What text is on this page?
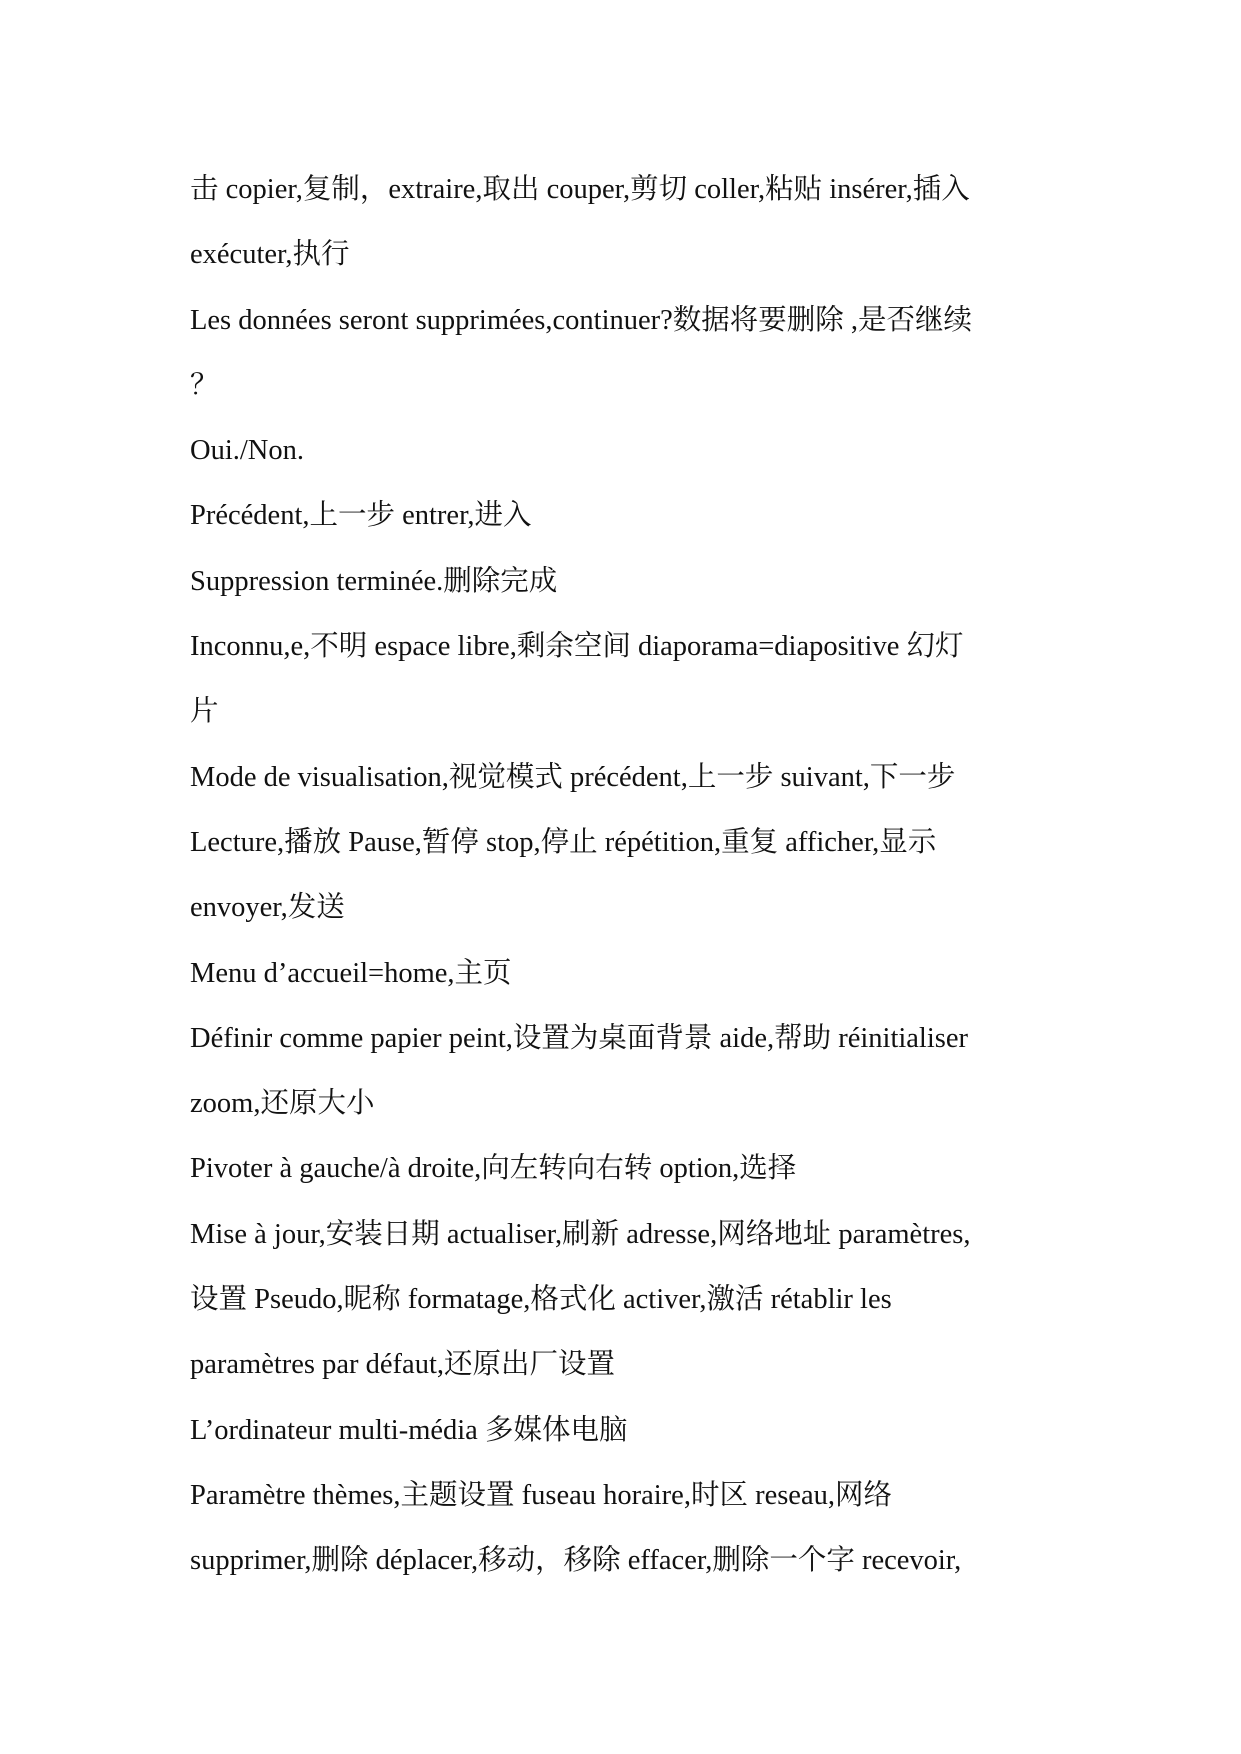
击 copier,复制，extraire,取出 couper,剪切 coller,粘贴 insérer,插入
exécuter,执行
Les données seront supprimées,continuer?数据将要删除 ,是否继续
？
Oui./Non.
Précédent,上一步 entrer,进入
Suppression terminée.删除完成
Inconnu,e,不明 espace libre,剩余空间 diaporama=diapositive 幻灯
片
Mode de visualisation,视觉模式 précédent,上一步 suivant,下一步
Lecture,播放 Pause,暂停 stop,停止 répétition,重复 afficher,显示
envoyer,发送
Menu d’accueil=home,主页
Définir comme papier peint,设置为桌面背景 aide,帮助 réinitialiser
zoom,还原大小
Pivoter à gauche/à droite,向左转向右转 option,选择
Mise à jour,安装日期 actualiser,刷新 adresse,网络地址 paramètres,
设置 Pseudo,昵称 formatage,格式化 activer,激活 rétablir les
paramètres par défaut,还原出厂设置
L’ordinateur multi-média 多媒体电脑
Paramètre thèmes,主题设置 fuseau horaire,时区 reseau,网络
supprimer,删除 déplacer,移动，移除 effacer,删除一个字 recevoir,
